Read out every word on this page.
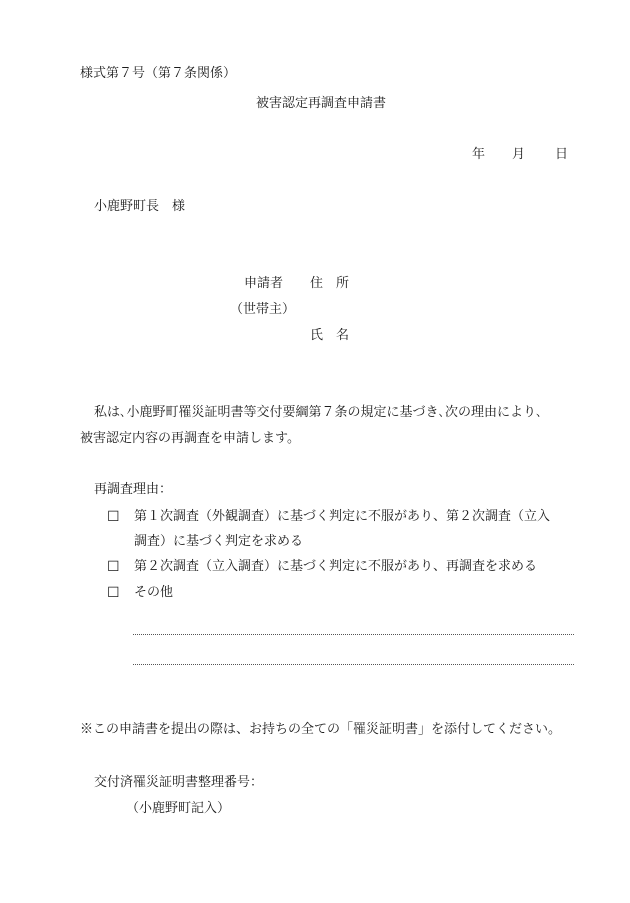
様式第７号（第７条関係）
被害認定再調査申請書
年 月 日
小鹿野町長　様
申請者 住　所
（世帯主）
氏　名
私は､小鹿野町罹災証明書等交付要綱第７条の規定に基づき､次の理由により､
被害認定内容の再調査を申請します。
再調査理由：
☐ 第１次調査（外観調査）に基づく判定に不服があり、第２次調査（立入
調査）に基づく判定を求める
☐ 第２次調査（立入調査）に基づく判定に不服があり、再調査を求める
☐ その他
※この申請書を提出の際は、お持ちの全ての「罹災証明書」を添付してください。
交付済罹災証明書整理番号：
（小鹿野町記入）
